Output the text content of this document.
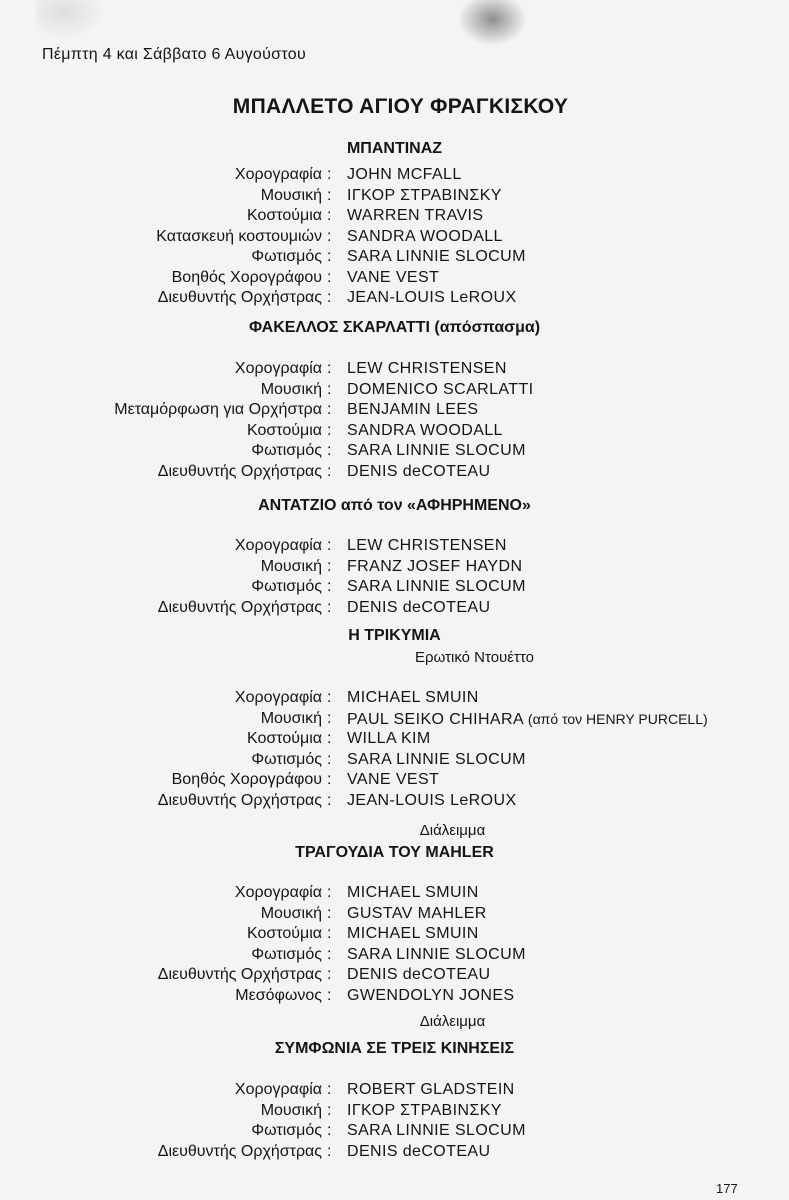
Πέμπτη 4 και Σάββατο 6 Αυγούστου
ΜΠΑΛΛΕΤΟ ΑΓΙΟΥ ΦΡΑΓΚΙΣΚΟΥ
ΜΠΑΝΤΙΝΑΖ
Χορογραφία : JOHN MCFALL
Μουσική : ΙΓΚΟΡ ΣΤΡΑΒΙΝΣΚΥ
Κοστούμια : WARREN TRAVIS
Κατασκευή κοστουμιών : SANDRA WOODALL
Φωτισμός : SARA LINNIE SLOCUM
Βοηθός Χορογράφου : VANE VEST
Διευθυντής Ορχήστρας : JEAN-LOUIS LeROUX
ΦΑΚΕΛΛΟΣ ΣΚΑΡΛΑΤΤΙ (απόσπασμα)
Χορογραφία : LEW CHRISTENSEN
Μουσική : DOMENICO SCARLATTI
Μεταμόρφωση για Ορχήστρα : BENJAMIN LEES
Κοστούμια : SANDRA WOODALL
Φωτισμός : SARA LINNIE SLOCUM
Διευθυντής Ορχήστρας : DENIS deCOTEAU
ΑΝΤΑΤΖΙΟ από τον «ΑΦΗΡΗΜΕΝΟ»
Χορογραφία : LEW CHRISTENSEN
Μουσική : FRANZ JOSEF HAYDN
Φωτισμός : SARA LINNIE SLOCUM
Διευθυντής Ορχήστρας : DENIS deCOTEAU
Η ΤΡΙΚΥΜΙΑ
Ερωτικό Ντουέττο
Χορογραφία : MICHAEL SMUIN
Μουσική : PAUL SEIKO CHIHARA (από τον HENRY PURCELL)
Κοστούμια : WILLA KIM
Φωτισμός : SARA LINNIE SLOCUM
Βοηθός Χορογράφου : VANE VEST
Διευθυντής Ορχήστρας : JEAN-LOUIS LeROUX
Διάλειμμα
ΤΡΑΓΟΥΔΙΑ ΤΟΥ MAHLER
Χορογραφία : MICHAEL SMUIN
Μουσική : GUSTAV MAHLER
Κοστούμια : MICHAEL SMUIN
Φωτισμός : SARA LINNIE SLOCUM
Διευθυντής Ορχήστρας : DENIS deCOTEAU
Μεσόφωνος : GWENDOLYN JONES
Διάλειμμα
ΣΥΜΦΩΝΙΑ ΣΕ ΤΡΕΙΣ ΚΙΝΗΣΕΙΣ
Χορογραφία : ROBERT GLADSTEIN
Μουσική : ΙΓΚΟΡ ΣΤΡΑΒΙΝΣΚΥ
Φωτισμός : SARA LINNIE SLOCUM
Διευθυντής Ορχήστρας : DENIS deCOTEAU
177
